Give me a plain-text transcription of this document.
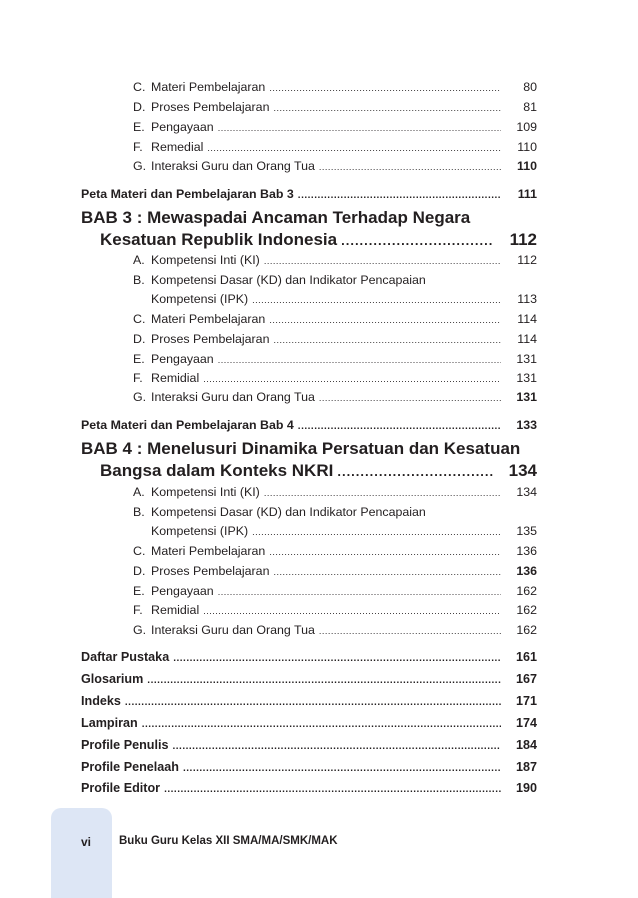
C. Materi Pembelajaran .....	80
D. Proses Pembelajaran .....	81
E. Pengayaan .....	109
F. Remedial .....	110
G. Interaksi Guru dan Orang Tua .....	110
Peta Materi dan Pembelajaran Bab 3 .....	111
BAB 3 : Mewaspadai Ancaman Terhadap Negara
Kesatuan Republik Indonesia .....	112
A. Kompetensi Inti (KI) .....	112
B. Kompetensi Dasar (KD) dan Indikator Pencapaian
Kompetensi (IPK) .....	113
C. Materi Pembelajaran .....	114
D. Proses Pembelajaran .....	114
E. Pengayaan .....	131
F. Remidial .....	131
G. Interaksi Guru dan Orang Tua .....	131
Peta Materi dan Pembelajaran Bab 4 .....	133
BAB 4 : Menelusuri Dinamika Persatuan dan Kesatuan
Bangsa dalam Konteks NKRI .....	134
A. Kompetensi Inti (KI) .....	134
B. Kompetensi Dasar (KD) dan Indikator Pencapaian
Kompetensi (IPK) .....	135
C. Materi Pembelajaran .....	136
D. Proses Pembelajaran .....	136
E. Pengayaan .....	162
F. Remidial .....	162
G. Interaksi Guru dan Orang Tua .....	162
Daftar Pustaka .....	161
Glosarium .....	167
Indeks .....	171
Lampiran .....	174
Profile Penulis .....	184
Profile Penelaah .....	187
Profile Editor .....	190
vi Buku Guru Kelas XII SMA/MA/SMK/MAK
